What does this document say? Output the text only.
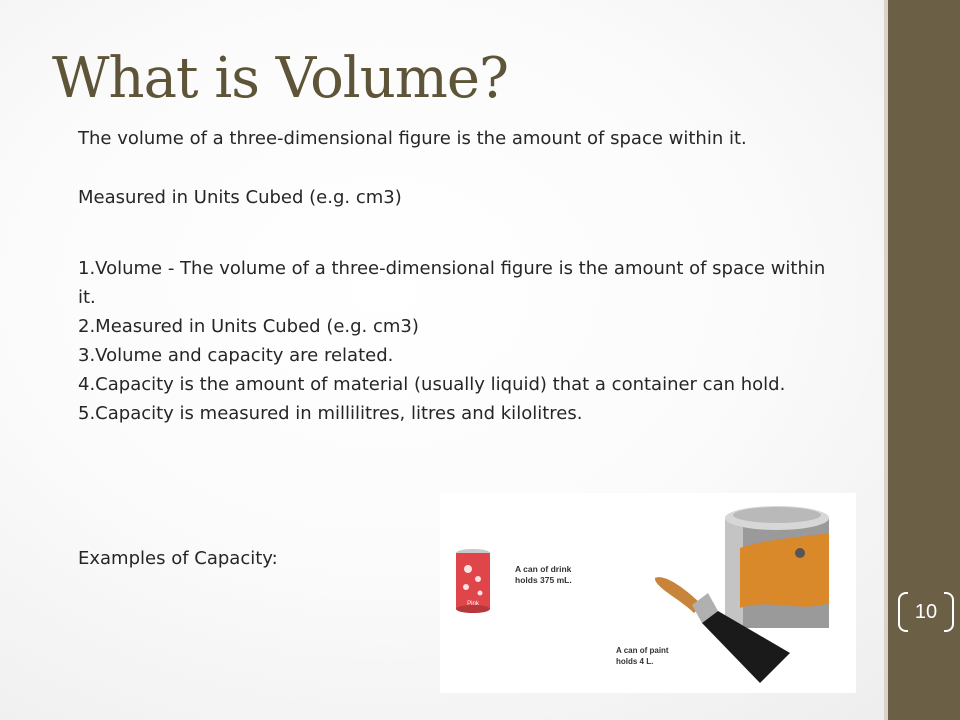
10
What is Volume?
The volume of a three-dimensional figure is the amount of space within it.
Measured in Units Cubed (e.g. cm3)
1.Volume - The volume of a three-dimensional figure is the amount of space within it.
2.Measured in Units Cubed (e.g. cm3)
3.Volume and capacity are related.
4.Capacity is the amount of material (usually liquid) that a container can hold.
5.Capacity is measured in millilitres, litres and kilolitres.
Examples of Capacity:
Pink
A can of drink
holds 375 mL.
A can of paint
holds 4 L.
